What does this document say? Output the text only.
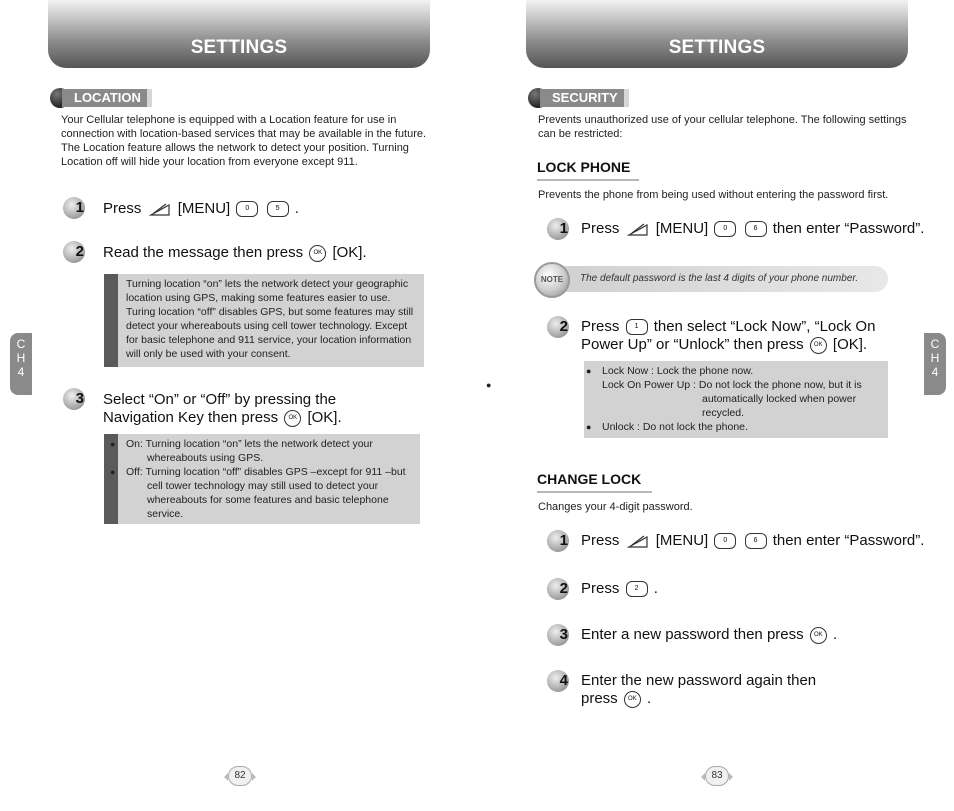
SETTINGS
LOCATION
Your Cellular telephone is equipped with a Location feature for use in connection with location-based services that may be available in the future. The Location feature allows the network to detect your position. Turning Location off will hide your location from everyone except 911.
1 Press [MENU] 0	5 .
2 Read the message then press OK [OK].
Turning location “on” lets the network detect your geographic location using GPS, making some features easier to use. Turing location “off” disables GPS, but some features may still detect your whereabouts using cell tower technology. Except for basic telephone and 911 service, your location information will only be used with your consent.
3 Select “On” or “Off” by pressing the
Navigation Key then press OK [OK].
● On: Turning location “on” lets the network detect your whereabouts using GPS.
● Off: Turning location “off” disables GPS –except for 911 –but cell tower technology may still used to detect your whereabouts for some features and basic telephone service.
C
H
4
82
SETTINGS
SECURITY
Prevents unauthorized use of your cellular telephone. The following settings can be restricted:
LOCK PHONE
Prevents the phone from being used without entering the password first.
1 Press [MENU] 0	6 then enter “Password”.
NOTE	The default password is the last 4 digits of your phone number.
2 Press 1 then select “Lock Now”, “Lock On
Power Up” or “Unlock” then press OK [OK].
● Lock Now : Lock the phone now.
● Lock On Power Up : Do not lock the phone now, but it is automatically locked when power recycled.
● Unlock : Do not lock the phone.
CHANGE LOCK
Changes your 4-digit password.
1 Press [MENU] 0	6 then enter “Password”.
2 Press 2 .
3 Enter a new password then press OK .
4 Enter the new password again then
press OK .
C
H
4
83
